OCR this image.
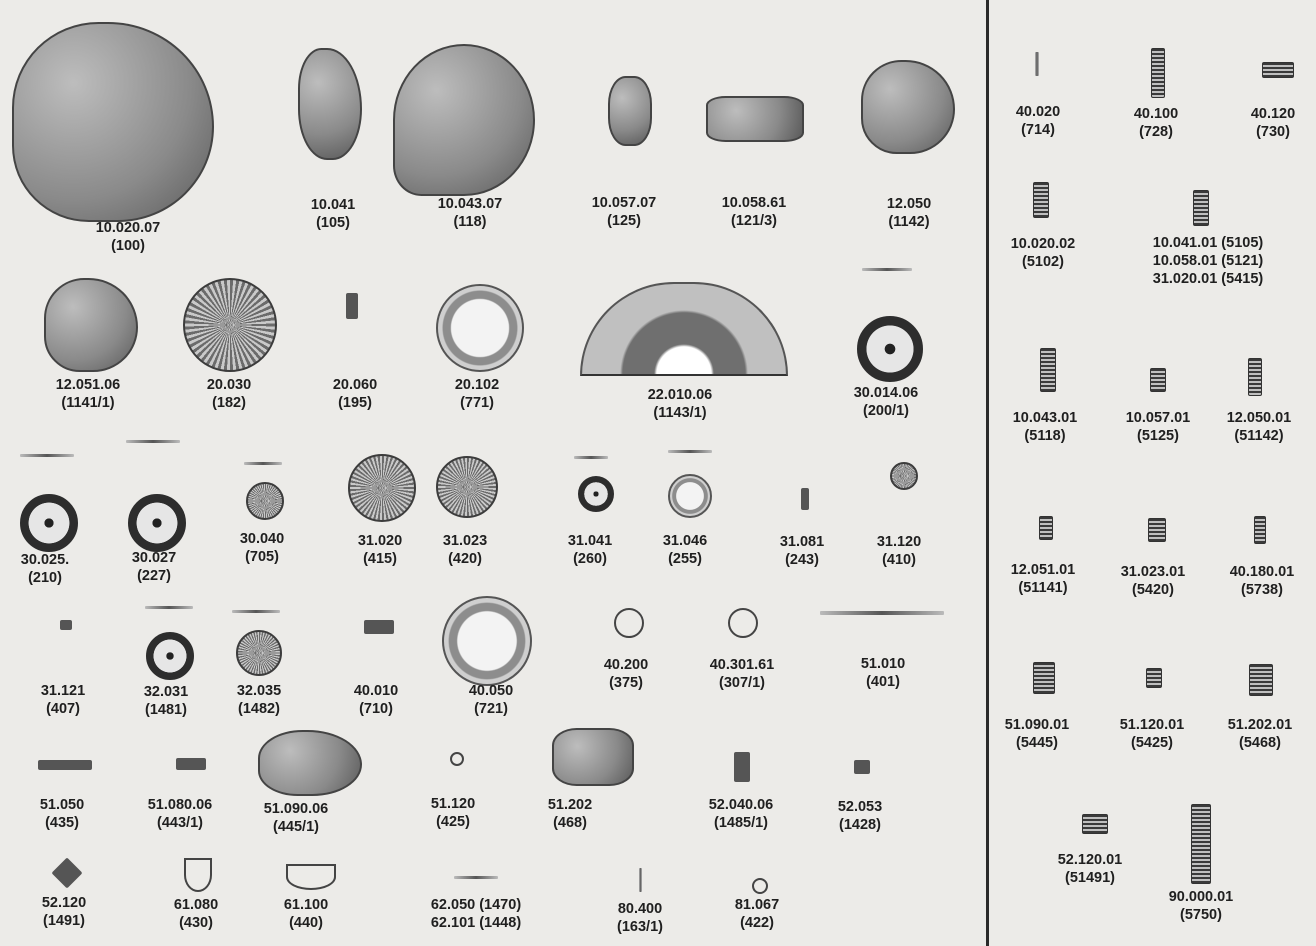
10.020.07
(100)
10.041
(105)
10.043.07
(118)
10.057.07
(125)
10.058.61
(121/3)
12.050
(1142)
12.051.06
(1141/1)
20.030
(182)
20.060
(195)
20.102
(771)	22.010.06
(1143/1)
30.014.06
(200/1)
30.025.
(210)
30.027
(227)
30.040
(705)
31.020
(415)
31.023
(420)
31.041
(260)
31.046
(255)
31.081
(243)
31.120
(410)
31.121
(407)
32.031
(1481)
32.035
(1482)
40.010
(710)
40.050
(721)
40.200
(375)
40.301.61
(307/1)
51.010
(401)
51.050
(435)
51.080.06
(443/1)
51.090.06
(445/1)
51.120
(425)
51.202
(468)
52.040.06
(1485/1)
52.053
(1428)
52.120
(1491)
61.080
(430)
61.100
(440)
62.050 (1470)
62.101 (1448)
80.400
(163/1)
81.067
(422)
40.020
(714)
40.100
(728)
40.120
(730)
10.020.02
(5102)
10.041.01 (5105)
10.058.01 (5121)
31.020.01 (5415)
10.043.01
(5118)
10.057.01
(5125)
12.050.01
(51142)
12.051.01
(51141)
31.023.01
(5420)
40.180.01
(5738)
51.090.01
(5445)
51.120.01
(5425)
51.202.01
(5468)
52.120.01
(51491)
90.000.01
(5750)
